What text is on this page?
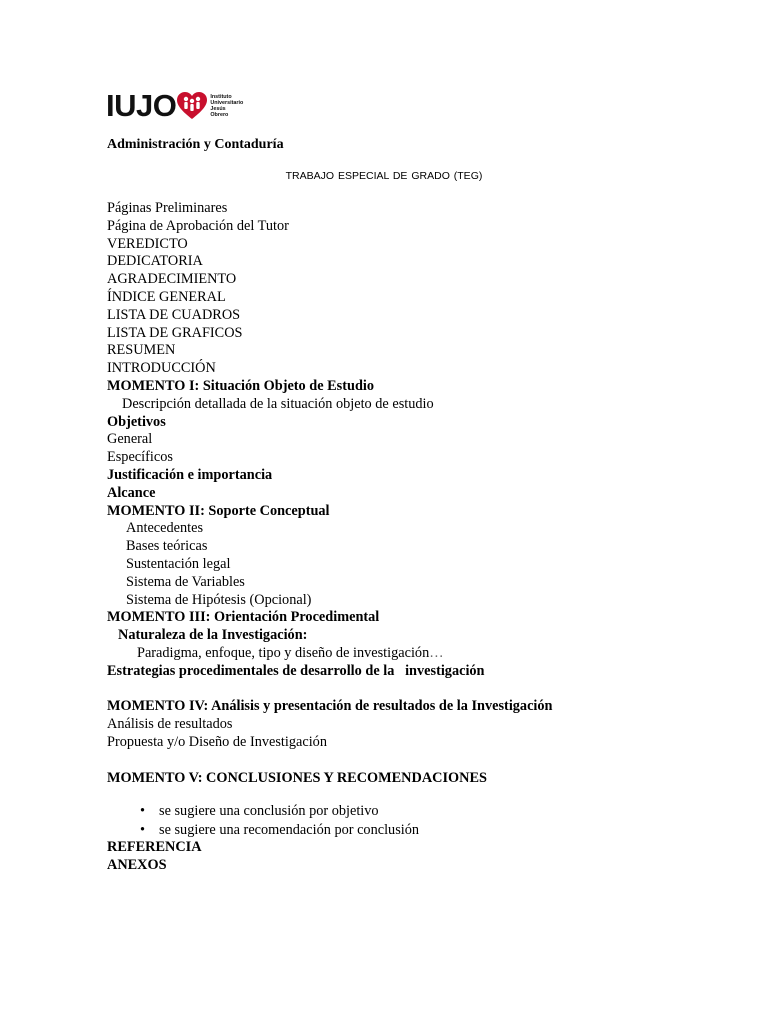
IUJO	Instituto
Universitario
Jesús
Obrero
Administración y Contaduría
TRABAJO ESPECIAL DE GRADO (TEG)
Páginas Preliminares
Página de Aprobación del Tutor
VEREDICTO
DEDICATORIA
AGRADECIMIENTO
ÍNDICE GENERAL
LISTA DE CUADROS
LISTA DE GRAFICOS
RESUMEN
INTRODUCCIÓN
MOMENTO I: Situación Objeto de Estudio
Descripción detallada de la situación objeto de estudio
Objetivos
General
Específicos
Justificación e importancia
Alcance
MOMENTO II: Soporte Conceptual
Antecedentes
Bases teóricas
Sustentación legal
Sistema de Variables
Sistema de Hipótesis (Opcional)
MOMENTO III: Orientación Procedimental
Naturaleza de la Investigación:
Paradigma, enfoque, tipo y diseño de investigación…
Estrategias procedimentales de desarrollo de la   investigación
MOMENTO IV: Análisis y presentación de resultados de la Investigación
Análisis de resultados
Propuesta y/o Diseño de Investigación
MOMENTO V: CONCLUSIONES Y RECOMENDACIONES
• se sugiere una conclusión por objetivo
• se sugiere una recomendación por conclusión
REFERENCIA
ANEXOS
